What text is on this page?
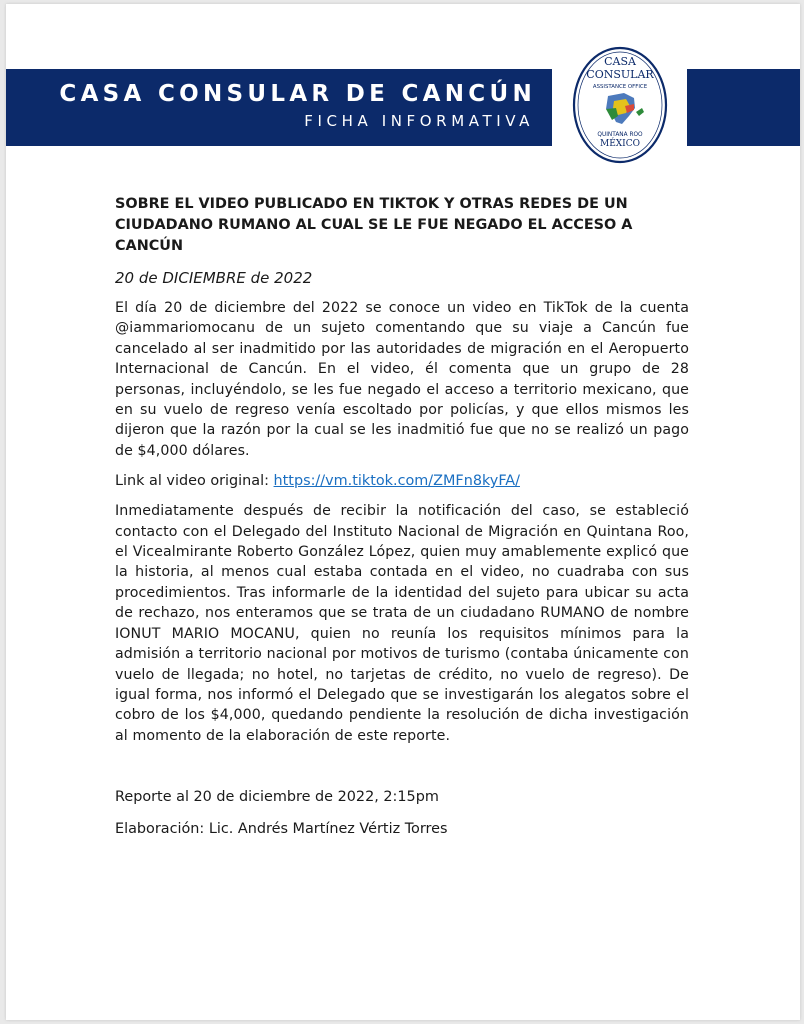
CASA CONSULAR DE CANCÚN
FICHA INFORMATIVA
CASA
CONSULAR
ASSISTANCE OFFICE
QUINTANA ROO
MÉXICO

SOBRE EL VIDEO PUBLICADO EN TIKTOK Y OTRAS REDES DE UN CIUDADANO RUMANO AL CUAL SE LE FUE NEGADO EL ACCESO A CANCÚN

20 de DICIEMBRE de 2022

El día 20 de diciembre del 2022 se conoce un video en TikTok de la cuenta @iammariomocanu de un sujeto comentando que su viaje a Cancún fue cancelado al ser inadmitido por las autoridades de migración en el Aeropuerto Internacional de Cancún. En el video, él comenta que un grupo de 28 personas, incluyéndolo, se les fue negado el acceso a territorio mexicano, que en su vuelo de regreso venía escoltado por policías, y que ellos mismos les dijeron que la razón por la cual se les inadmitió fue que no se realizó un pago de $4,000 dólares.

Link al video original: https://vm.tiktok.com/ZMFn8kyFA/

Inmediatamente después de recibir la notificación del caso, se estableció contacto con el Delegado del Instituto Nacional de Migración en Quintana Roo, el Vicealmirante Roberto González López, quien muy amablemente explicó que la historia, al menos cual estaba contada en el video, no cuadraba con sus procedimientos. Tras informarle de la identidad del sujeto para ubicar su acta de rechazo, nos enteramos que se trata de un ciudadano RUMANO de nombre IONUT MARIO MOCANU, quien no reunía los requisitos mínimos para la admisión a territorio nacional por motivos de turismo (contaba únicamente con vuelo de llegada; no hotel, no tarjetas de crédito, no vuelo de regreso). De igual forma, nos informó el Delegado que se investigarán los alegatos sobre el cobro de los $4,000, quedando pendiente la resolución de dicha investigación al momento de la elaboración de este reporte.

Reporte al 20 de diciembre de 2022, 2:15pm

Elaboración: Lic. Andrés Martínez Vértiz Torres
